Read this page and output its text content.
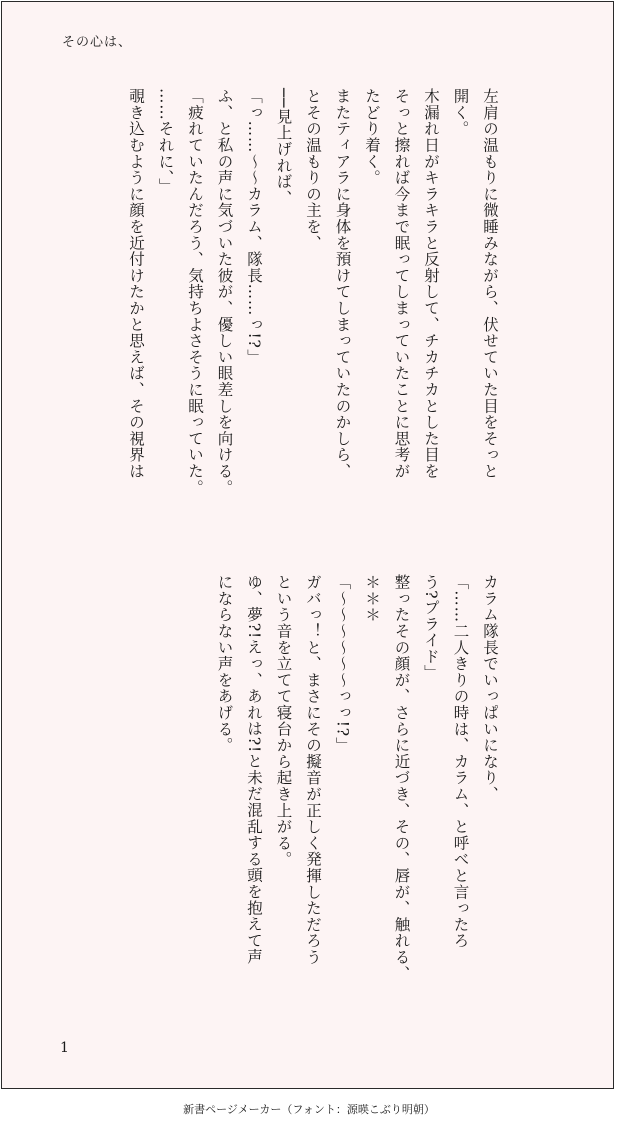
その心は、

左肩の温もりに微睡みながら、伏せていた目をそっと
開く。
木漏れ日がキラキラと反射して、チカチカとした目を
そっと擦れば今まで眠ってしまっていたことに思考が
たどり着く。
またティアラに身体を預けてしまっていたのかしら、
とその温もりの主を、
──見上げれば、
「っ……〜〜カラム、隊長……っ!?」
ふ、と私の声に気づいた彼が、優しい眼差しを向ける。
「疲れていたんだろう、気持ちよさそうに眠っていた。
……それに、」
覗き込むように顔を近付けたかと思えば、その視界は

カラム隊長でいっぱいになり、
「……二人きりの時は、カラム、と呼べと言ったろ
う?プライド」
整ったその顔が、さらに近づき、その、唇が、触れる、
＊＊＊
「〜〜〜〜〜〜っっ!?」
ガバっ！と、まさにその擬音が正しく発揮しただろう
という音を立てて寝台から起き上がる。
ゆ、夢?!えっ、あれは?!と未だ混乱する頭を抱えて声
にならない声をあげる。

1
新書ページメーカー（フォント：源暎こぶり明朝）
